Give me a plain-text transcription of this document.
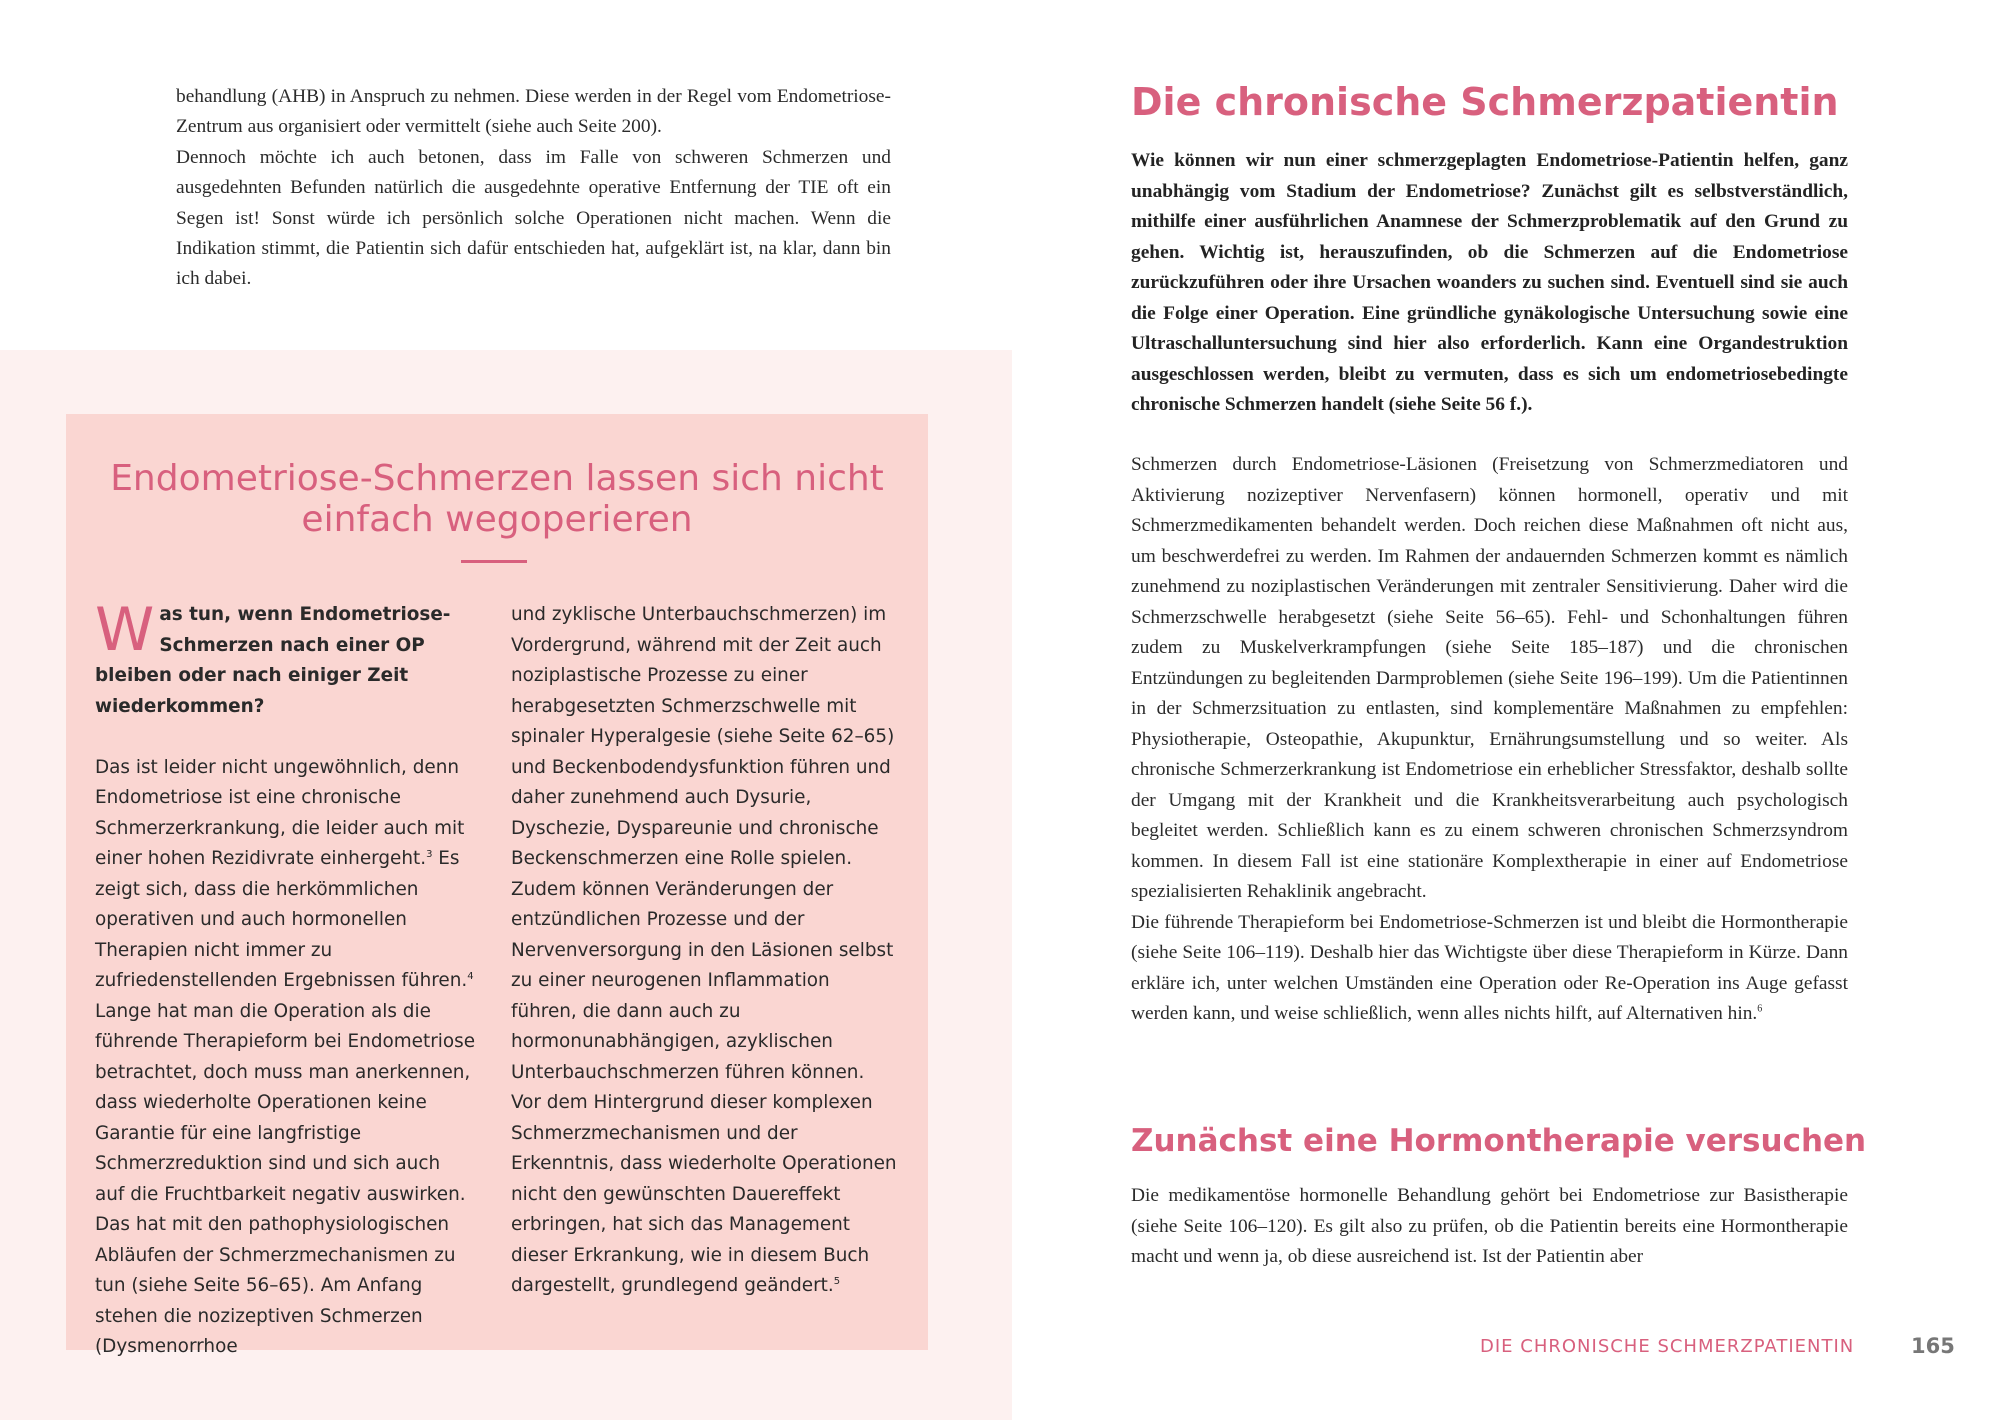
behandlung (AHB) in Anspruch zu nehmen. Diese werden in der Regel vom Endometriose-Zentrum aus organisiert oder vermittelt (siehe auch Seite 200).

Dennoch möchte ich auch betonen, dass im Falle von schweren Schmerzen und ausgedehnten Befunden natürlich die ausgedehnte operative Entfernung der TIE oft ein Segen ist! Sonst würde ich persönlich solche Operationen nicht machen. Wenn die Indikation stimmt, die Patientin sich dafür entschieden hat, aufgeklärt ist, na klar, dann bin ich dabei.

Endometriose-Schmerzen lassen sich nicht einfach wegoperieren

Was tun, wenn Endometriose-Schmerzen nach einer OP bleiben oder nach einiger Zeit wiederkommen?

Das ist leider nicht ungewöhnlich, denn Endometriose ist eine chronische Schmerzerkrankung, die leider auch mit einer hohen Rezidivrate einhergeht.$^3$ Es zeigt sich, dass die herkömmlichen operativen und auch hormonellen Therapien nicht immer zu zufriedenstellenden Ergebnissen führen.$^4$ Lange hat man die Operation als die führende Therapieform bei Endometriose betrachtet, doch muss man anerkennen, dass wiederholte Operationen keine Garantie für eine langfristige Schmerzreduktion sind und sich auch auf die Fruchtbarkeit negativ auswirken.

Das hat mit den pathophysiologischen Abläufen der Schmerzmechanismen zu tun (siehe Seite 56–65). Am Anfang stehen die nozizeptiven Schmerzen (Dysmenorrhoe

und zyklische Unterbauchschmerzen) im Vordergrund, während mit der Zeit auch noziplastische Prozesse zu einer herabgesetzten Schmerzschwelle mit spinaler Hyperalgesie (siehe Seite 62–65) und Beckenbodendysfunktion führen und daher zunehmend auch Dysurie, Dyschezie, Dyspareunie und chronische Beckenschmerzen eine Rolle spielen. Zudem können Veränderungen der entzündlichen Prozesse und der Nervenversorgung in den Läsionen selbst zu einer neurogenen Inflammation führen, die dann auch zu hormonunabhängigen, azyklischen Unterbauchschmerzen führen können.

Vor dem Hintergrund dieser komplexen Schmerzmechanismen und der Erkenntnis, dass wiederholte Operationen nicht den gewünschten Dauereffekt erbringen, hat sich das Management dieser Erkrankung, wie in diesem Buch dargestellt, grundlegend geändert.$^5$

Die chronische Schmerzpatientin

Wie können wir nun einer schmerzgeplagten Endometriose-Patientin helfen, ganz unabhängig vom Stadium der Endometriose? Zunächst gilt es selbstverständlich, mithilfe einer ausführlichen Anamnese der Schmerzproblematik auf den Grund zu gehen. Wichtig ist, herauszufinden, ob die Schmerzen auf die Endometriose zurückzuführen oder ihre Ursachen woanders zu suchen sind. Eventuell sind sie auch die Folge einer Operation. Eine gründliche gynäkologische Untersuchung sowie eine Ultraschalluntersuchung sind hier also erforderlich. Kann eine Organdestruktion ausgeschlossen werden, bleibt zu vermuten, dass es sich um endometriosebedingte chronische Schmerzen handelt (siehe Seite 56 f.).

Schmerzen durch Endometriose-Läsionen (Freisetzung von Schmerzmediatoren und Aktivierung nozizeptiver Nervenfasern) können hormonell, operativ und mit Schmerzmedikamenten behandelt werden. Doch reichen diese Maßnahmen oft nicht aus, um beschwerdefrei zu werden. Im Rahmen der andauernden Schmerzen kommt es nämlich zunehmend zu noziplastischen Veränderungen mit zentraler Sensitivierung. Daher wird die Schmerzschwelle herabgesetzt (siehe Seite 56–65). Fehl- und Schonhaltungen führen zudem zu Muskelverkrampfungen (siehe Seite 185–187) und die chronischen Entzündungen zu begleitenden Darmproblemen (siehe Seite 196–199). Um die Patientinnen in der Schmerzsituation zu entlasten, sind komplementäre Maßnahmen zu empfehlen: Physiotherapie, Osteopathie, Akupunktur, Ernährungsumstellung und so weiter. Als chronische Schmerzerkrankung ist Endometriose ein erheblicher Stressfaktor, deshalb sollte der Umgang mit der Krankheit und die Krankheitsverarbeitung auch psychologisch begleitet werden. Schließlich kann es zu einem schweren chronischen Schmerzsyndrom kommen. In diesem Fall ist eine stationäre Komplextherapie in einer auf Endometriose spezialisierten Rehaklinik angebracht.

Die führende Therapieform bei Endometriose-Schmerzen ist und bleibt die Hormontherapie (siehe Seite 106–119). Deshalb hier das Wichtigste über diese Therapieform in Kürze. Dann erkläre ich, unter welchen Umständen eine Operation oder Re-Operation ins Auge gefasst werden kann, und weise schließlich, wenn alles nichts hilft, auf Alternativen hin.$^6$

Zunächst eine Hormontherapie versuchen

Die medikamentöse hormonelle Behandlung gehört bei Endometriose zur Basistherapie (siehe Seite 106–120). Es gilt also zu prüfen, ob die Patientin bereits eine Hormontherapie macht und wenn ja, ob diese ausreichend ist. Ist der Patientin aber

DIE CHRONISCHE SCHMERZPATIENTIN	165
